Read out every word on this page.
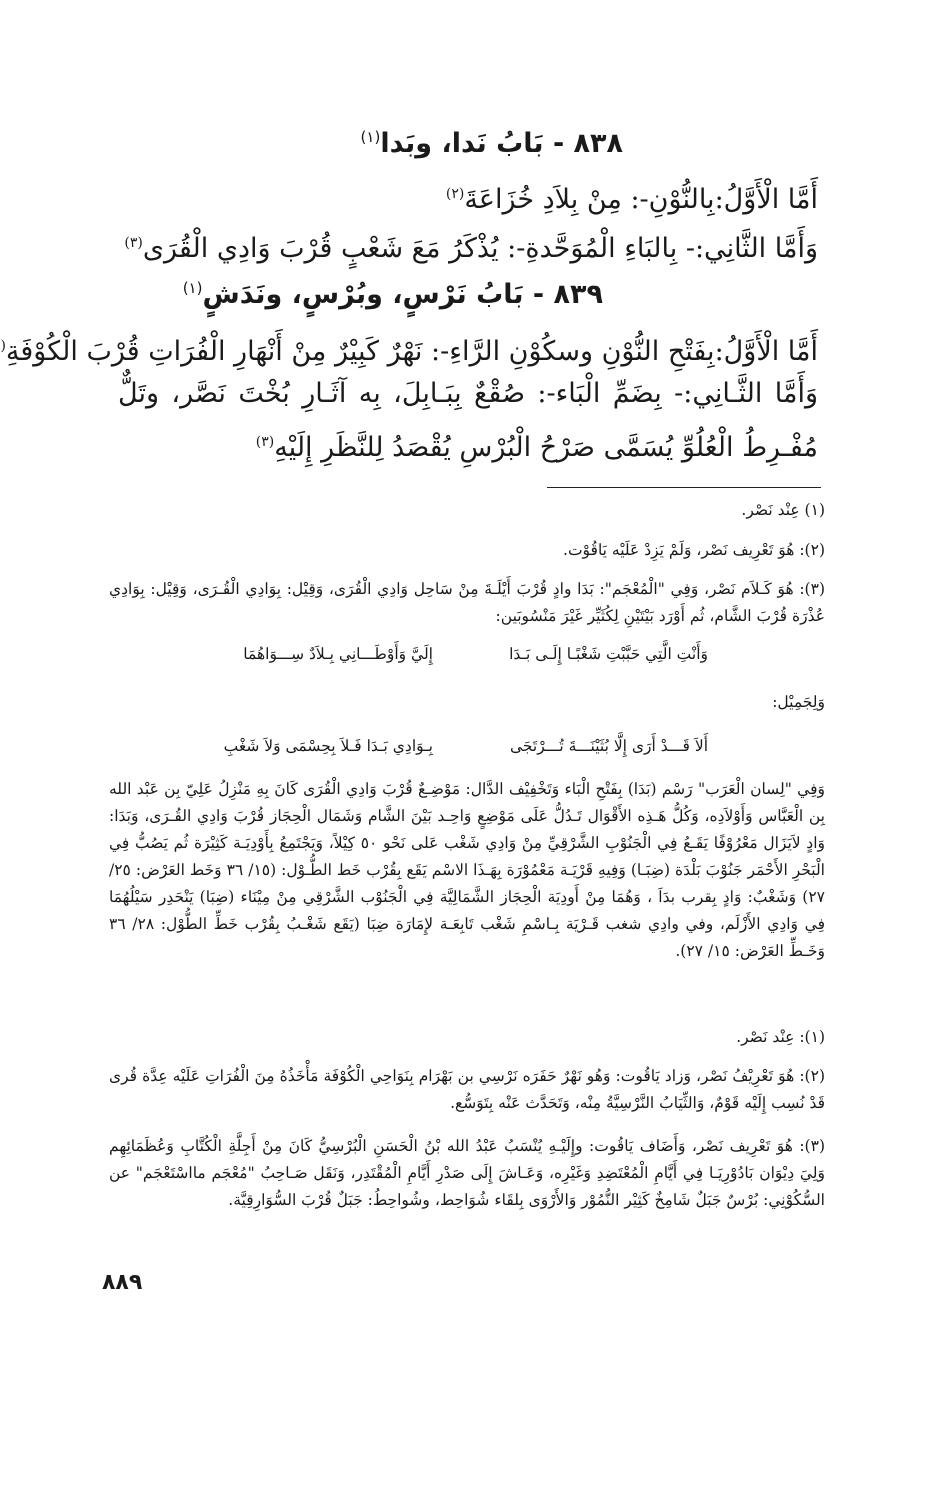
٨٣٨ - بَابُ نَدا، وبَدا$^{(١)}$
أَمَّا الْأَوَّلُ:بِالنُّوْنِ-: مِنْ بِلاَدِ خُزَاعَةَ$^{(٢)}$
وَأَمَّا الثَّانِي:- بِالبَاءِ الْمُوَحَّدةِ-: يُذْكَرُ مَعَ شَعْبٍ قُرْبَ وَادِي الْقُرَى$^{(٣)}$
٨٣٩ - بَابُ نَرْسٍ، وبُرْسٍ، ونَدَشٍ$^{(١)}$
أَمَّا الْأَوَّلُ:بِفَتْحِ النُّوْنِ وسكُوْنِ الرَّاءِ-: نَهْرٌ كَبِيْرٌ مِنْ أَنْهَارِ الْفُرَاتِ قُرْبَ الْكُوْفَةِ(
وَأَمَّا الثَّـانِي:- بِضَمِّ الْبَاء-: صُقْعٌ بِبَـابِلَ، بِه آثَـارِ بُخْتَ نَصَّر، وتَلٌّ مُفْـرِطُ الْعُلُوِّ يُسَمَّى صَرْحُ الْبُرْسِ يُقْصَدُ لِلنَّظَرِ إِلَيْهِ$^{(٣)}$
(١) عِنْد نَصْر.
(٢): هُوَ تَعْرِيف نَصْر، وَلَمْ يَزِدْ عَلَيْه يَاقُوْت.
(٣): هُوَ كَـلاَم نَصْر، وَفِي "الْمُعْجَم": بَدَا وادٍ قُرْبَ أَيْلَـةَ مِنْ سَاحِل وَادِي الْقُرَى، وَقِيْل: بِوَادِي الْقُـرَى، وَقِيْل: بِوَادِي عُذْرَة قُرْبَ الشَّام، ثُم أَوْرَد بَيْتَيْنِ لِكُثَيِّر غَيْرَ مَنْسُوبَين:
وَأَنْتِ الَّتِي حَبَّبْتِ شَغْبًـا إِلَـى بَـدَا
إِلَيَّ وَأَوْطَـــانِي بِـلاَدٌ سِـــوَاهُمَا
وَلِجَمِيْل:
أَلاَ قَـــدْ أَرَى إِلَّا بُثَيْنَـــةَ تُـــرْتَجَى
بِـوَادِي بَـدَا فَـلاَ بِحِسْمَى وَلاَ شَغْبِ
وَفِي "لِسان الْعَرَب" رَسْم (بَدَا) بِفَتْحِ الْبَاء وَتَخْفِيْف الدَّال: مَوْضِـعٌ قُرْبَ وَادِي الْقُرَى كَانَ بِهِ مَنْزِلُ عَلِيّ بِن عَبْد الله بِن الْعَبَّاس وَأَوْلاَدِه، وَكُلُّ هَـذِه الأَقْوَال تَـدُلُّ عَلَى مَوْضِعٍ وَاحِـد بَيْنَ الشَّام وَشَمَال الْحِجَاز قُرْبَ وَادِي القُـرَى، وَبَدَا: وَادٍ لاَيَزَال مَعْرُوْفًا يَقَـعُ فِي الْجَنُوْبِ الشَّرْقِيِّ مِنْ وَادِي شَغْب عَلى نَحْو ٥٠ كِيْلاً، وَيَجْتَمِعُ بِأَوْدِيَـة كَثِيْرَة ثُم يَصُبُّ فِي الْبَحْرِ الأَحْمَر جَنُوْبَ بَلْدَة (ضِبَـا) وَفِيهِ قَرْيَـة مَعْمُوْرَة بِهَـذَا الاسْم يَقَع بِقُرْب خَط الطُّـوْل: (١٥/ ٣٦ وَخَط العَرْض: ٢٥/ ٢٧) وَشَغْبٌ: وَادٍ بِقرب بدَاَ ، وَهُمَا مِنْ أَودِيَة الْحِجَاز الشَّمَالِيَّة فِي الْجَنُوْب الشَّرْقِي مِنْ مِيْنَاء (ضِبَا) يَنْحَدِر سَيْلُهُمَا فِي وَادِي الأَزْلَم، وفي وادِي شغب قَـرْيَة بِـاسْمِ شَغْب تَابِعَـة لإِمَارَة ضِبَا (يَقَع شَغْـبُ بِقُرْب خَطِّ الطُّوْل: ٢٨/ ٣٦ وَخَـطِّ العَرْض: ١٥/ ٢٧).
(١): عِنْد نَصْر.
(٢): هُوَ تَعْرِيْفُ نَصْر، وَزاد يَاقُوت: وَهُو نَهْرٌ حَفَرَه نَرْسِي بن بَهْرَام بِنَوَاحِي الْكُوْفَة مَأْخَذُهُ مِنَ الْفُرَاتِ عَلَيْه عِدَّة قُرى قَدْ نُسِب إِلَيْه قَوْمٌ، وَالثِّيَابُ النَّرْسِيَّةُ مِنْه، وَتَحَدَّث عَنْه بِتَوَسُّع.
(٣): هُوَ تَعْرِيف نَصْر، وَأَضَاف يَاقُوت: وإِلَيْـهِ يُنْسَبُ عَبْدُ الله بْنُ الْحَسَنِ الْبُرْسِيُّ كَانَ مِنْ أَجِلَّةِ الْكُتَّابِ وَعُظَمَائِهِم وَلِيَ دِيْوَان بَادُوْرِيَـا فِي أَيَّامِ الْمُعْتَضِدِ وَغَيْرِه، وَعَـاشَ إِلَى صَدْرِ أَيَّامِ الْمُقْتَدِر، وَنَقَل صَـاحِبُ "مُعْجَم مااسْتَعْجَم" عن السُّكُوْنِي: بُرْسٌ جَبَلٌ شَامِخٌ كَثِيْر النُّمُوْر وَالأَرْوَى بِلقَاء شُوَاحِط، وشُواحِطُ: جَبَلٌ قُرْبَ السُّوَارِقِيَّة.
٨٨٩
